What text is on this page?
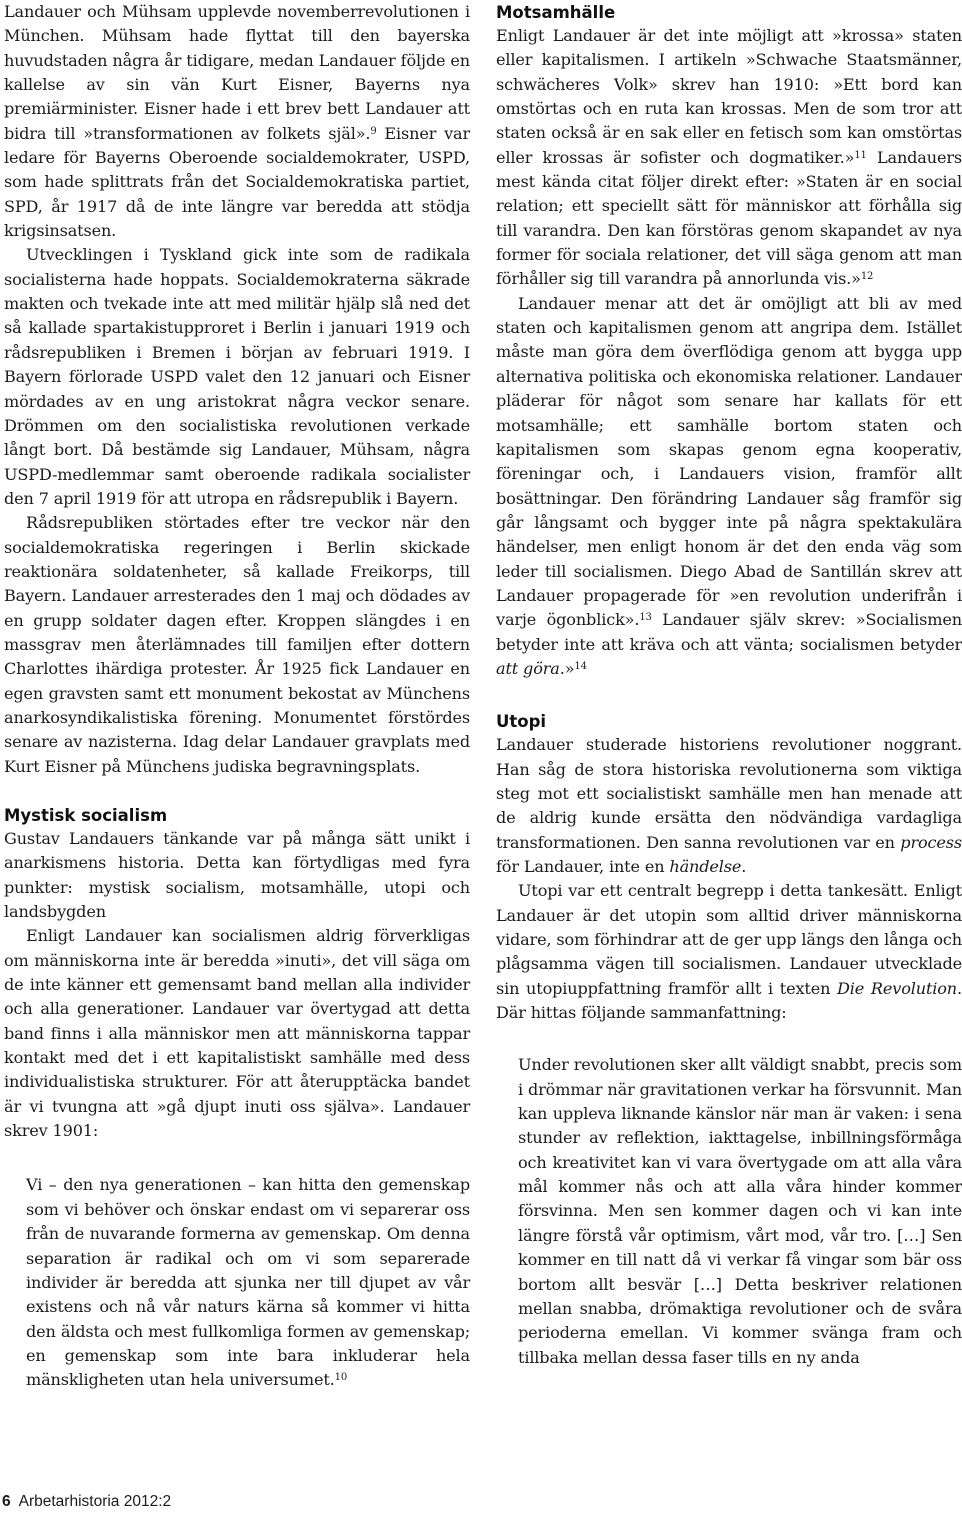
Landauer och Mühsam upplevde novemberrevolutionen i München. Mühsam hade flyttat till den bayerska huvudstaden några år tidigare, medan Landauer följde en kallelse av sin vän Kurt Eisner, Bayerns nya premiärminister. Eisner hade i ett brev bett Landauer att bidra till »transformationen av folkets själ».$^9$ Eisner var ledare för Bayerns Oberoende socialdemokrater, USPD, som hade splittrats från det Socialdemokratiska partiet, SPD, år 1917 då de inte längre var beredda att stödja krigsinsatsen.

Utvecklingen i Tyskland gick inte som de radikala socialisterna hade hoppats. Socialdemokraterna säkrade makten och tvekade inte att med militär hjälp slå ned det så kallade spartakistupproret i Berlin i januari 1919 och rådsrepubliken i Bremen i början av februari 1919. I Bayern förlorade USPD valet den 12 januari och Eisner mördades av en ung aristokrat några veckor senare. Drömmen om den socialistiska revolutionen verkade långt bort. Då bestämde sig Landauer, Mühsam, några USPD-medlemmar samt oberoende radikala socialister den 7 april 1919 för att utropa en rådsrepublik i Bayern.

Rådsrepubliken störtades efter tre veckor när den socialdemokratiska regeringen i Berlin skickade reaktionära soldatenheter, så kallade Freikorps, till Bayern. Landauer arresterades den 1 maj och dödades av en grupp soldater dagen efter. Kroppen slängdes i en massgrav men återlämnades till familjen efter dottern Charlottes ihärdiga protester. År 1925 fick Landauer en egen gravsten samt ett monument bekostat av Münchens anarkosyndikalistiska förening. Monumentet förstördes senare av nazisterna. Idag delar Landauer gravplats med Kurt Eisner på Münchens judiska begravningsplats.

Mystisk socialism

Gustav Landauers tänkande var på många sätt unikt i anarkismens historia. Detta kan förtydligas med fyra punkter: mystisk socialism, motsamhälle, utopi och landsbygden

Enligt Landauer kan socialismen aldrig förverkligas om människorna inte är beredda »inuti», det vill säga om de inte känner ett gemensamt band mellan alla individer och alla generationer. Landauer var övertygad att detta band finns i alla människor men att människorna tappar kontakt med det i ett kapitalistiskt samhälle med dess individualistiska strukturer. För att återupptäcka bandet är vi tvungna att »gå djupt inuti oss själva». Landauer skrev 1901:

Vi – den nya generationen – kan hitta den gemenskap som vi behöver och önskar endast om vi separerar oss från de nuvarande formerna av gemenskap. Om denna separation är radikal och om vi som separerade individer är beredda att sjunka ner till djupet av vår existens och nå vår naturs kärna så kommer vi hitta den äldsta och mest fullkomliga formen av gemenskap; en gemenskap som inte bara inkluderar hela mänskligheten utan hela universumet.$^{10}$

Motsamhälle

Enligt Landauer är det inte möjligt att »krossa» staten eller kapitalismen. I artikeln »Schwache Staatsmänner, schwächeres Volk» skrev han 1910: »Ett bord kan omstörtas och en ruta kan krossas. Men de som tror att staten också är en sak eller en fetisch som kan omstörtas eller krossas är sofister och dogmatiker.»$^{11}$ Landauers mest kända citat följer direkt efter: »Staten är en social relation; ett speciellt sätt för människor att förhålla sig till varandra. Den kan förstöras genom skapandet av nya former för sociala relationer, det vill säga genom att man förhåller sig till varandra på annorlunda vis.»$^{12}$

Landauer menar att det är omöjligt att bli av med staten och kapitalismen genom att angripa dem. Istället måste man göra dem överflödiga genom att bygga upp alternativa politiska och ekonomiska relationer. Landauer pläderar för något som senare har kallats för ett motsamhälle; ett samhälle bortom staten och kapitalismen som skapas genom egna kooperativ, föreningar och, i Landauers vision, framför allt bosättningar. Den förändring Landauer såg framför sig går långsamt och bygger inte på några spektakulära händelser, men enligt honom är det den enda väg som leder till socialismen. Diego Abad de Santillán skrev att Landauer propagerade för »en revolution underifrån i varje ögonblick».$^{13}$ Landauer själv skrev: »Socialismen betyder inte att kräva och att vänta; socialismen betyder att göra.»$^{14}$

Utopi

Landauer studerade historiens revolutioner noggrant. Han såg de stora historiska revolutionerna som viktiga steg mot ett socialistiskt samhälle men han menade att de aldrig kunde ersätta den nödvändiga vardagliga transformationen. Den sanna revolutionen var en process för Landauer, inte en händelse.

Utopi var ett centralt begrepp i detta tankesätt. Enligt Landauer är det utopin som alltid driver människorna vidare, som förhindrar att de ger upp längs den långa och plågsamma vägen till socialismen. Landauer utvecklade sin utopiuppfattning framför allt i texten Die Revolution. Där hittas följande sammanfattning:

Under revolutionen sker allt väldigt snabbt, precis som i drömmar när gravitationen verkar ha försvunnit. Man kan uppleva liknande känslor när man är vaken: i sena stunder av reflektion, iakttagelse, inbillningsförmåga och kreativitet kan vi vara övertygade om att alla våra mål kommer nås och att alla våra hinder kommer försvinna. Men sen kommer dagen och vi kan inte längre förstå vår optimism, vårt mod, vår tro. […] Sen kommer en till natt då vi verkar få vingar som bär oss bortom allt besvär […] Detta beskriver relationen mellan snabba, drömaktiga revolutioner och de svåra perioderna emellan. Vi kommer svänga fram och tillbaka mellan dessa faser tills en ny anda

6 Arbetarhistoria 2012:2
